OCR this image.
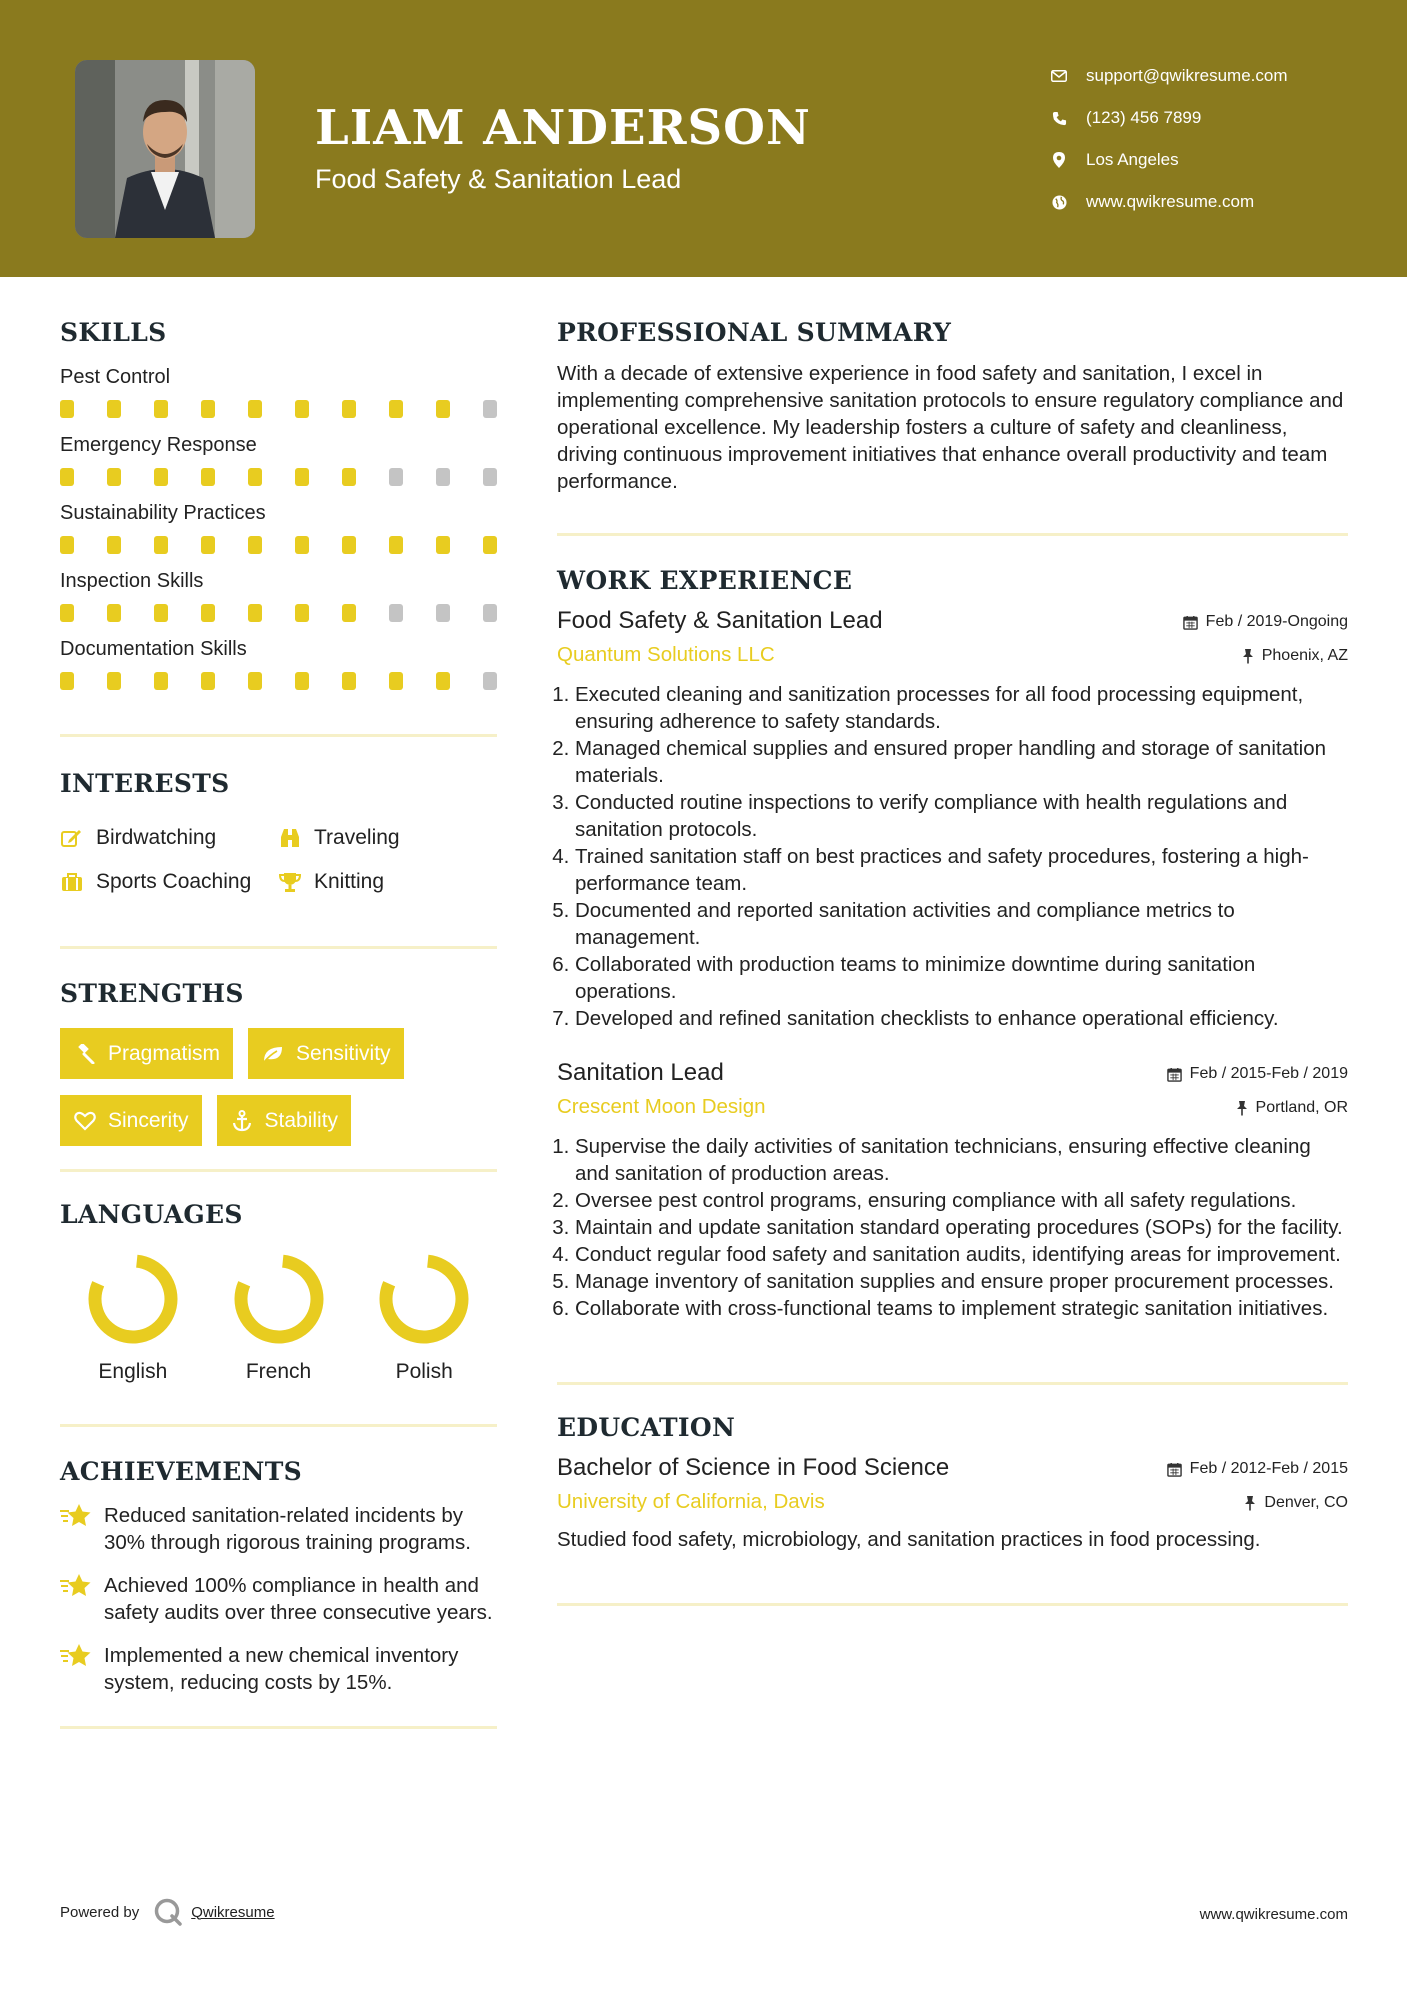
LIAM ANDERSON
Food Safety & Sanitation Lead
support@qwikresume.com
(123) 456 7899
Los Angeles
www.qwikresume.com
SKILLS
Pest Control
Emergency Response
Sustainability Practices
Inspection Skills
Documentation Skills
INTERESTS
Birdwatching	Traveling
Sports Coaching	Knitting
STRENGTHS
Pragmatism	Sensitivity
Sincerity	Stability
LANGUAGES
English	French	Polish
ACHIEVEMENTS
Reduced sanitation-related incidents by 30% through rigorous training programs.
Achieved 100% compliance in health and safety audits over three consecutive years.
Implemented a new chemical inventory system, reducing costs by 15%.
PROFESSIONAL SUMMARY
With a decade of extensive experience in food safety and sanitation, I excel in implementing comprehensive sanitation protocols to ensure regulatory compliance and operational excellence. My leadership fosters a culture of safety and cleanliness, driving continuous improvement initiatives that enhance overall productivity and team performance.
WORK EXPERIENCE
Food Safety & Sanitation Lead	Feb / 2019-Ongoing
Quantum Solutions LLC	Phoenix, AZ
1. Executed cleaning and sanitization processes for all food processing equipment, ensuring adherence to safety standards.
2. Managed chemical supplies and ensured proper handling and storage of sanitation materials.
3. Conducted routine inspections to verify compliance with health regulations and sanitation protocols.
4. Trained sanitation staff on best practices and safety procedures, fostering a high-performance team.
5. Documented and reported sanitation activities and compliance metrics to management.
6. Collaborated with production teams to minimize downtime during sanitation operations.
7. Developed and refined sanitation checklists to enhance operational efficiency.
Sanitation Lead	Feb / 2015-Feb / 2019
Crescent Moon Design	Portland, OR
1. Supervise the daily activities of sanitation technicians, ensuring effective cleaning and sanitation of production areas.
2. Oversee pest control programs, ensuring compliance with all safety regulations.
3. Maintain and update sanitation standard operating procedures (SOPs) for the facility.
4. Conduct regular food safety and sanitation audits, identifying areas for improvement.
5. Manage inventory of sanitation supplies and ensure proper procurement processes.
6. Collaborate with cross-functional teams to implement strategic sanitation initiatives.
EDUCATION
Bachelor of Science in Food Science	Feb / 2012-Feb / 2015
University of California, Davis	Denver, CO
Studied food safety, microbiology, and sanitation practices in food processing.
Powered by	Qwikresume	www.qwikresume.com
